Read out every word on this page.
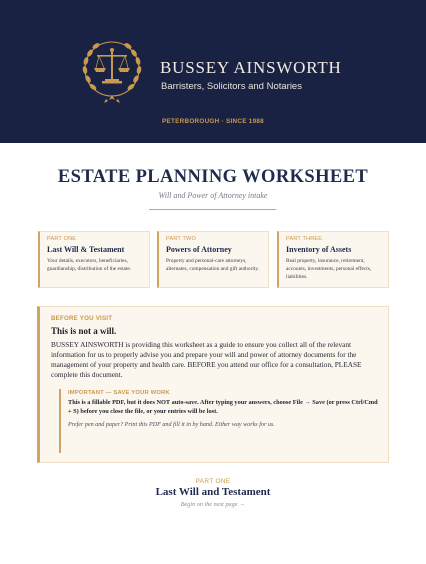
BUSSEY AINSWORTH
Barristers, Solicitors and Notaries
PETERBOROUGH · SINCE 1988
ESTATE PLANNING WORKSHEET
Will and Power of Attorney intake
PART ONE
Last Will & Testament
Your details, executors, beneficiaries, guardianship, distribution of the estate.
PART TWO
Powers of Attorney
Property and personal-care attorneys, alternates, compensation and gift authority.
PART THREE
Inventory of Assets
Real property, insurance, retirement, accounts, investments, personal effects, liabilities.
BEFORE YOU VISIT
This is not a will.
BUSSEY AINSWORTH is providing this worksheet as a guide to ensure you collect all of the relevant information for us to properly advise you and prepare your will and power of attorney documents for the management of your property and health care. BEFORE you attend our office for a consultation, PLEASE complete this document.
IMPORTANT — SAVE YOUR WORK
This is a fillable PDF, but it does NOT auto-save. After typing your answers, choose File → Save (or press Ctrl/Cmd + S) before you close the file, or your entries will be lost.
Prefer pen and paper? Print this PDF and fill it in by hand. Either way works for us.
PART ONE
Last Will and Testament
Begin on the next page →
